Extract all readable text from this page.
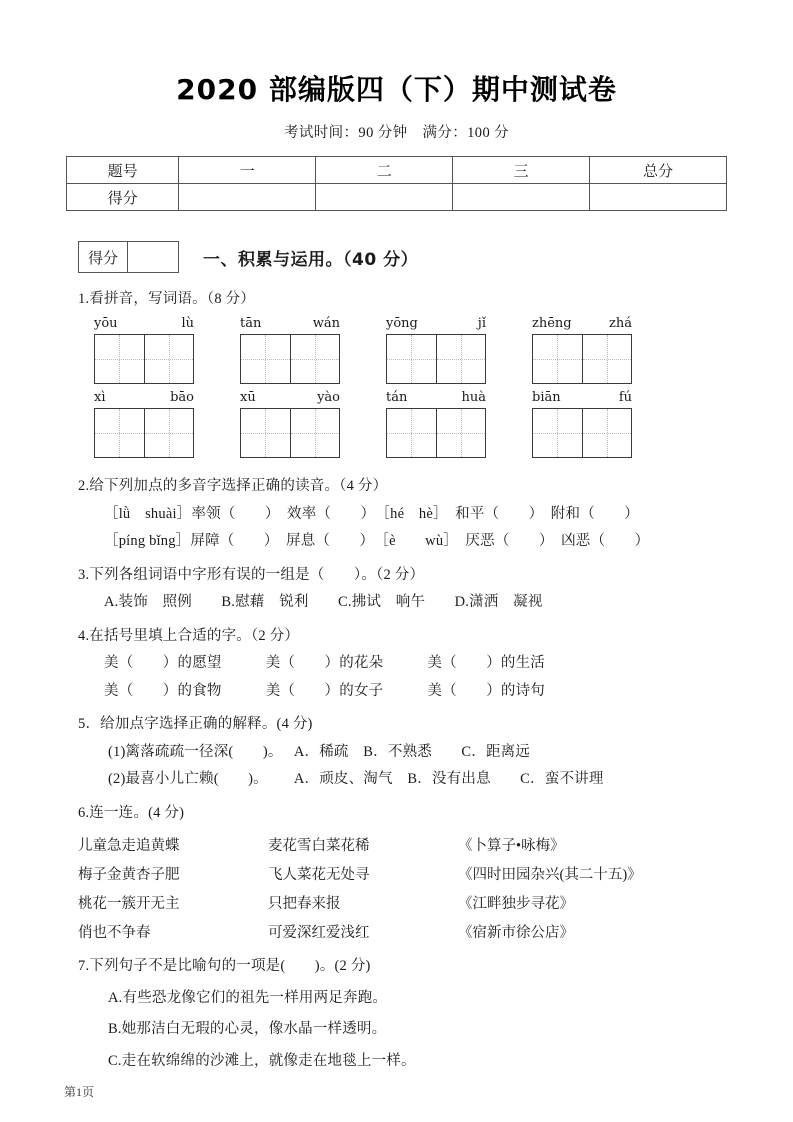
2020 部编版四（下）期中测试卷

考试时间：90 分钟　满分：100 分

题号	一	二	三	总分
得分				
得分	一、积累与运用。（40 分）
1.看拼音，写词语。（8 分）
yōu	lù	tān	wán	yōng	jǐ	zhēng	zhá
xì	bāo	xū	yào	tán	huà	biān	fú
2.给下列加点的多音字选择正确的读音。（4 分）
［lǜ　shuài］率领（　　）　效率（　　）　［hé　hè］　和平（　　）　附和（　　）
［píng bǐng］屏障（　　）　屏息（　　）　［è　　wù］　厌恶（　　）　凶恶（　　）
3.下列各组词语中字形有误的一组是（　　）。（2 分）
A.装饰　照例　　B.慰藉　锐利　　C.拂试　响午　　D.潇洒　凝视
4.在括号里填上合适的字。（2 分）
美（　　）的愿望　　　美（　　）的花朵　　　美（　　）的生活
美（　　）的食物　　　美（　　）的女子　　　美（　　）的诗句
5．给加点字选择正确的解释。(4 分)
(1)篱落疏疏一径深(　　)。　 A．稀疏　B．不熟悉　　C．距离远
(2)最喜小儿亡赖(　　)。　　 A．顽皮、淘气　B．没有出息　　C．蛮不讲理
6.连一连。(4 分)
儿童急走追黄蝶	麦花雪白菜花稀	《卜算子•咏梅》
梅子金黄杏子肥	飞人菜花无处寻	《四时田园杂兴(其二十五)》
桃花一簇开无主	只把春来报	《江畔独步寻花》
俏也不争春	可爱深红爱浅红	《宿新市徐公店》
7.下列句子不是比喻句的一项是(　　)。(2 分)
A.有些恐龙像它们的祖先一样用两足奔跑。
B.她那洁白无瑕的心灵，像水晶一样透明。
C.走在软绵绵的沙滩上，就像走在地毯上一样。
第1页
